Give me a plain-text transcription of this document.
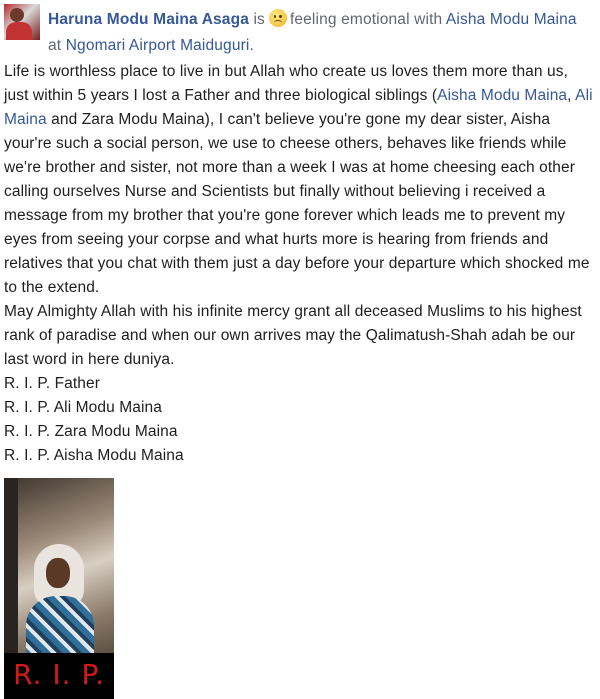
Haruna Modu Maina Asaga is feeling emotional with Aisha Modu Maina
at Ngomari Airport Maiduguri.

Life is worthless place to live in but Allah who create us loves them more than us, just within 5 years I lost a Father and three biological siblings (Aisha Modu Maina, Ali Maina and Zara Modu Maina), I can't believe you're gone my dear sister, Aisha your're such a social person, we use to cheese others, behaves like friends while we're brother and sister, not more than a week I was at home cheesing each other calling ourselves Nurse and Scientists but finally without believing i received a message from my brother that you're gone forever which leads me to prevent my eyes from seeing your corpse and what hurts more is hearing from friends and relatives that you chat with them just a day before your departure which shocked me to the extend.

May Almighty Allah with his infinite mercy grant all deceased Muslims to his highest rank of paradise and when our own arrives may the Qalimatush-Shah adah be our last word in here duniya.

R. I. P. Father

R. I. P. Ali Modu Maina

R. I. P. Zara Modu Maina

R. I. P. Aisha Modu Maina

R. I. P.
